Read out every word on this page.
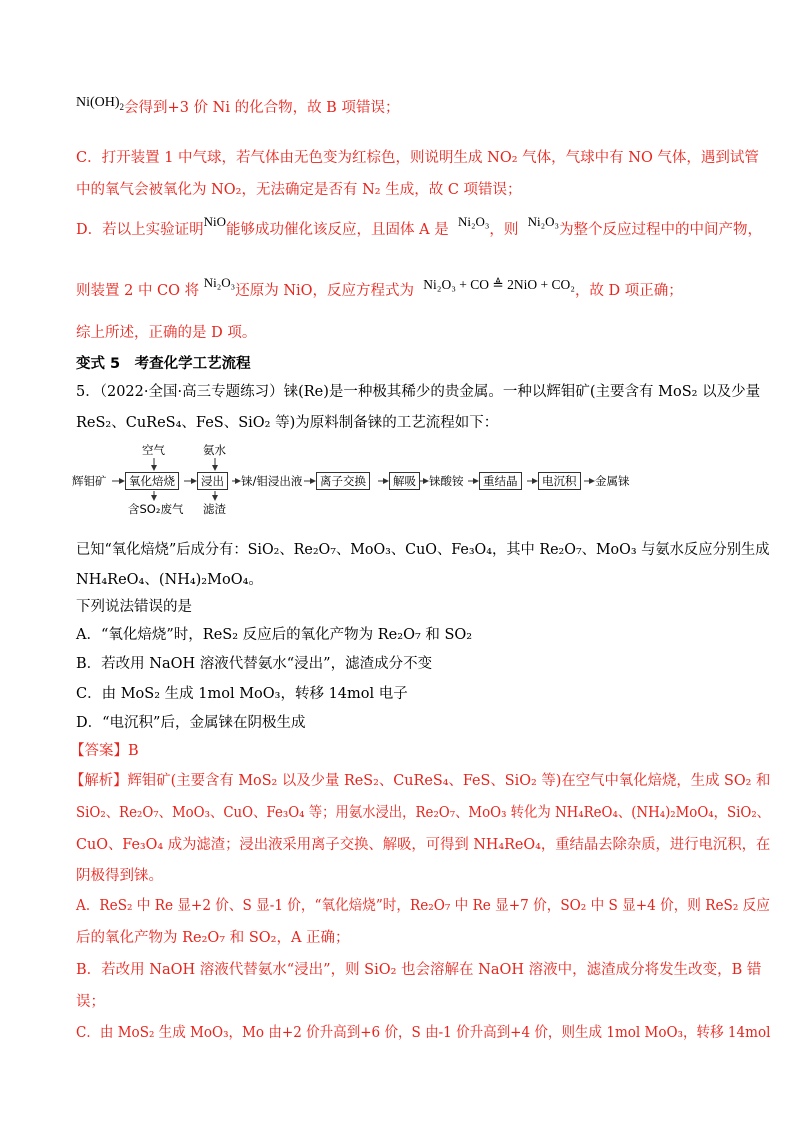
$Ni(OH)_2$会得到+3 价 Ni 的化合物，故 B 项错误；
C．打开装置 1 中气球，若气体由无色变为红棕色，则说明生成 NO₂ 气体，气球中有 NO 气体，遇到试管
中的氧气会被氧化为 NO₂，无法确定是否有 N₂ 生成，故 C 项错误；
D．若以上实验证明NiO能够成功催化该反应，且固体 A 是  Ni₂O₃，则  Ni₂O₃为整个反应过程中的中间产物，
则装置 2 中 CO 将 Ni₂O₃还原为 NiO，反应方程式为 Ni₂O₃ + CO ≜ 2NiO + CO₂，故 D 项正确；
综上所述，正确的是 D 项。
变式 5　考查化学工艺流程
5．（2022·全国·高三专题练习）铼(Re)是一种极其稀少的贵金属。一种以辉钼矿(主要含有 MoS₂ 以及少量
ReS₂、CuReS₄、FeS、SiO₂ 等)为原料制备铼的工艺流程如下：
辉钼矿
空气
氧化焙烧
含SO₂废气
氨水
浸出
滤渣
铼/钼浸出液	离子交换	解吸	铼酸铵	重结晶	电沉积	金属铼
已知“氧化焙烧”后成分有：SiO₂、Re₂O₇、MoO₃、CuO、Fe₃O₄，其中 Re₂O₇、MoO₃ 与氨水反应分别生成
NH₄ReO₄、(NH₄)₂MoO₄。
下列说法错误的是
A．“氧化焙烧”时，ReS₂ 反应后的氧化产物为 Re₂O₇ 和 SO₂
B．若改用 NaOH 溶液代替氨水“浸出”，滤渣成分不变
C．由 MoS₂ 生成 1mol MoO₃，转移 14mol 电子
D．“电沉积”后，金属铼在阴极生成
【答案】B
【解析】辉钼矿(主要含有 MoS₂ 以及少量 ReS₂、CuReS₄、FeS、SiO₂ 等)在空气中氧化焙烧，生成 SO₂ 和
SiO₂、Re₂O₇、MoO₃、CuO、Fe₃O₄ 等；用氨水浸出，Re₂O₇、MoO₃ 转化为 NH₄ReO₄、(NH₄)₂MoO₄，SiO₂、
CuO、Fe₃O₄ 成为滤渣；浸出液采用离子交换、解吸，可得到 NH₄ReO₄，重结晶去除杂质，进行电沉积，在
阴极得到铼。
A．ReS₂ 中 Re 显+2 价、S 显-1 价，“氧化焙烧”时，Re₂O₇ 中 Re 显+7 价，SO₂ 中 S 显+4 价，则 ReS₂ 反应
后的氧化产物为 Re₂O₇ 和 SO₂，A 正确；
B．若改用 NaOH 溶液代替氨水“浸出”，则 SiO₂ 也会溶解在 NaOH 溶液中，滤渣成分将发生改变，B 错
误；
C．由 MoS₂ 生成 MoO₃，Mo 由+2 价升高到+6 价，S 由-1 价升高到+4 价，则生成 1mol MoO₃，转移 14mol
